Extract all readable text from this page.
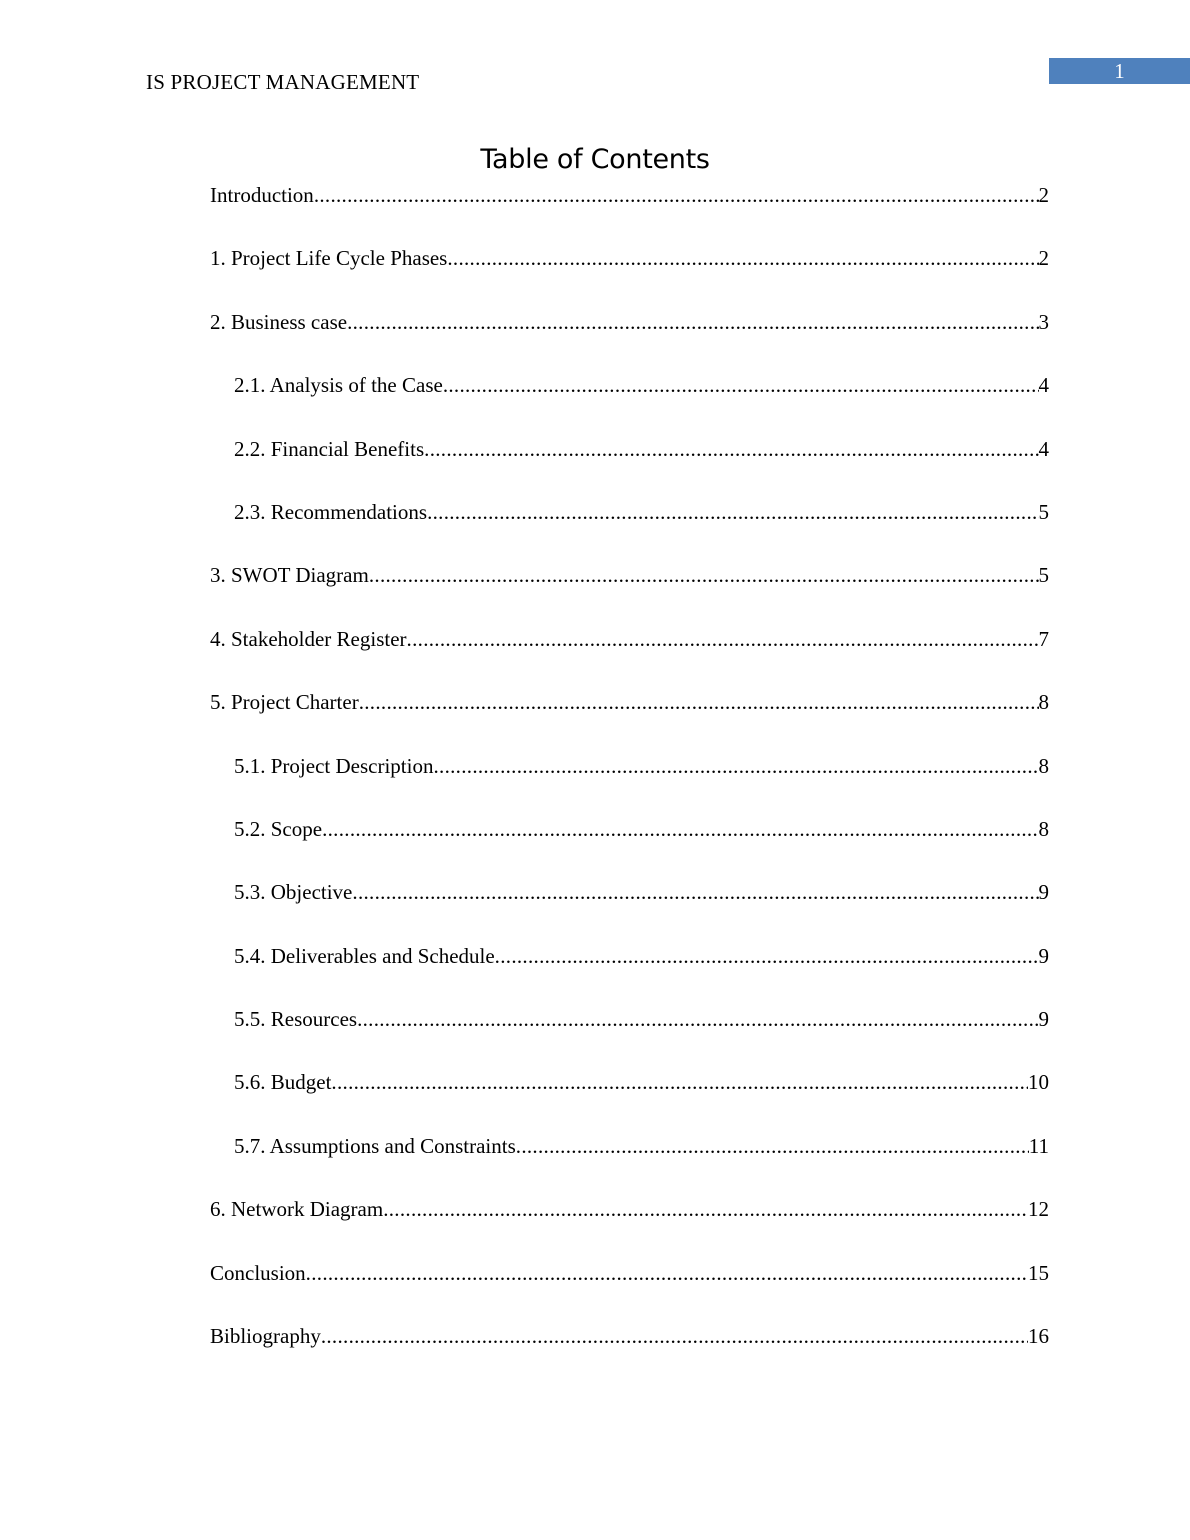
1
IS PROJECT MANAGEMENT
Table of Contents
Introduction .....	2
1. Project Life Cycle Phases .....	2
2. Business case .....	3
2.1. Analysis of the Case .....	4
2.2. Financial Benefits .....	4
2.3. Recommendations .....	5
3. SWOT Diagram .....	5
4. Stakeholder Register .....	7
5. Project Charter .....	8
5.1. Project Description .....	8
5.2. Scope .....	8
5.3. Objective .....	9
5.4. Deliverables and Schedule .....	9
5.5. Resources .....	9
5.6. Budget .....	10
5.7. Assumptions and Constraints .....	11
6. Network Diagram .....	12
Conclusion .....	15
Bibliography .....	16
